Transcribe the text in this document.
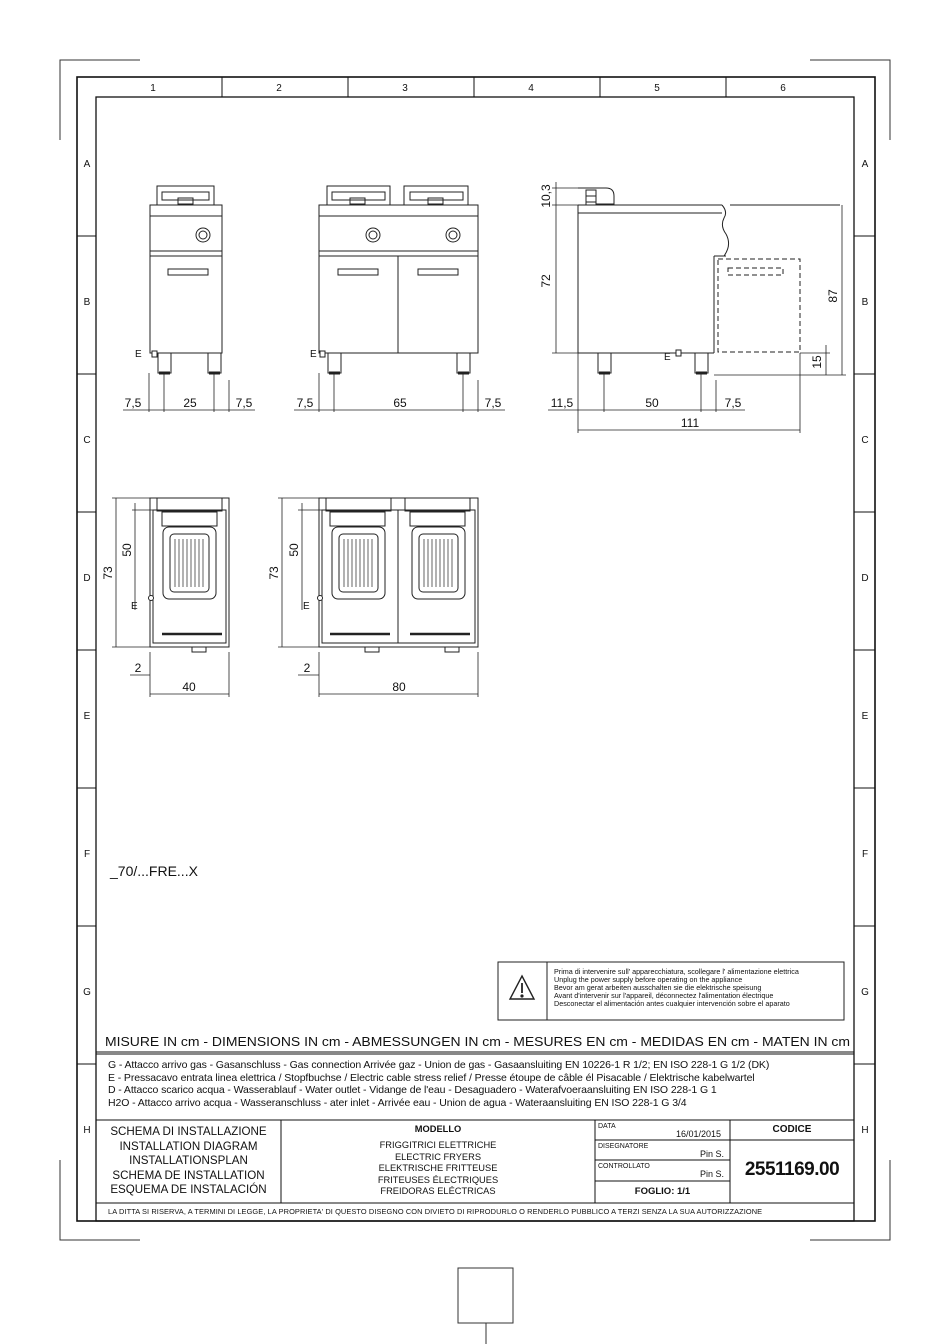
1	2	3	4	5	6
A
B
C
D
E
F
G
H
A
B
C
D
E
F
G
H
E
7,5	25	7,5
E
7,5	65	7,5
E
10,3
72
87
15
11,5	50	7,5
111
E
73
50
2
40
E
73
50
2
80
_70/...FRE...X
MISURE IN cm - DIMENSIONS IN cm - ABMESSUNGEN IN cm - MESURES EN cm - MEDIDAS EN cm - MATEN IN cm
Prima di intervenire sull' apparecchiatura, scollegare l' alimentazione elettrica
Unplug the power supply before operating on the appliance
Bevor am gerat arbeiten ausschalten sie die elektrische speisung
Avant d'intervenir sur l'appareil, déconnectez l'alimentation électrique
Desconectar el alimentación antes cualquier intervención sobre el aparato
G - Attacco arrivo gas - Gasanschluss - Gas connection Arrivée gaz - Union de gas - Gasaansluiting EN 10226-1 R 1/2; EN ISO 228-1 G 1/2 (DK)
E - Pressacavo entrata linea elettrica / Stopfbuchse / Electric cable stress relief / Presse étoupe de câble él Pisacable / Elektrische kabelwartel
D - Attacco scarico acqua - Wasserablauf - Water outlet - Vidange de l'eau - Desaguadero - Waterafvoeraansluiting EN ISO 228-1 G 1
H2O - Attacco arrivo acqua - Wasseranschluss - ater inlet - Arrivée eau - Union de agua - Wateraansluiting EN ISO 228-1 G 3/4
SCHEMA DI INSTALLAZIONE
INSTALLATION DIAGRAM
INSTALLATIONSPLAN
SCHEMA DE INSTALLATION
ESQUEMA DE INSTALACIÓN
MODELLO
FRIGGITRICI ELETTRICHE
ELECTRIC FRYERS
ELEKTRISCHE FRITTEUSE
FRITEUSES ÉLECTRIQUES
FREIDORAS ELÉCTRICAS
DATA
16/01/2015
DISEGNATORE
Pin S.
CONTROLLATO
Pin S.
FOGLIO: 1/1
CODICE
2551169.00
LA DITTA SI RISERVA, A TERMINI DI LEGGE, LA PROPRIETA' DI QUESTO DISEGNO CON DIVIETO DI RIPRODURLO O RENDERLO PUBBLICO A TERZI SENZA LA SUA AUTORIZZAZIONE
